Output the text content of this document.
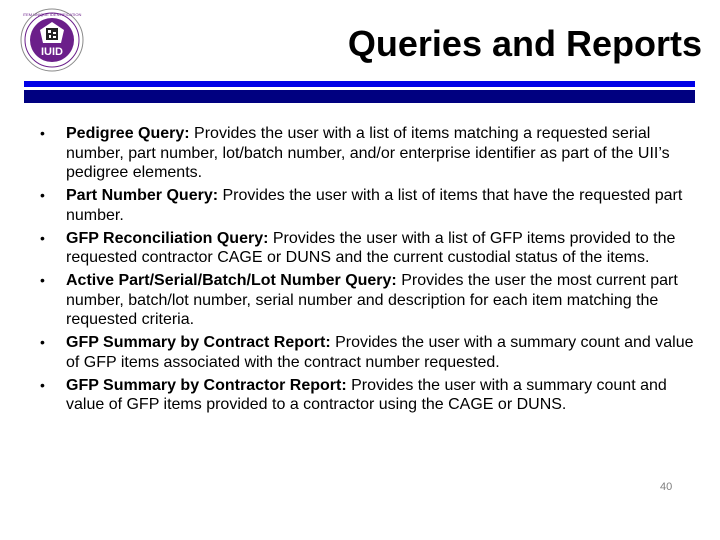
IUID
ITEM UNIQUE IDENTIFICATION
Queries and Reports
• Pedigree Query: Provides the user with a list of items matching a requested serial number, part number, lot/batch number, and/or enterprise identifier as part of the UII’s pedigree elements.
• Part Number Query: Provides the user with a list of items that have the requested part number.
• GFP Reconciliation Query: Provides the user with a list of GFP items provided to the requested contractor CAGE or DUNS and the current custodial status of the items.
• Active Part/Serial/Batch/Lot Number Query: Provides the user the most current part number, batch/lot number, serial number and description for each item matching the requested criteria.
• GFP Summary by Contract Report: Provides the user with a summary count and value of GFP items associated with the contract number requested.
• GFP Summary by Contractor Report: Provides the user with a summary count and value of GFP items provided to a contractor using the CAGE or DUNS.
40
